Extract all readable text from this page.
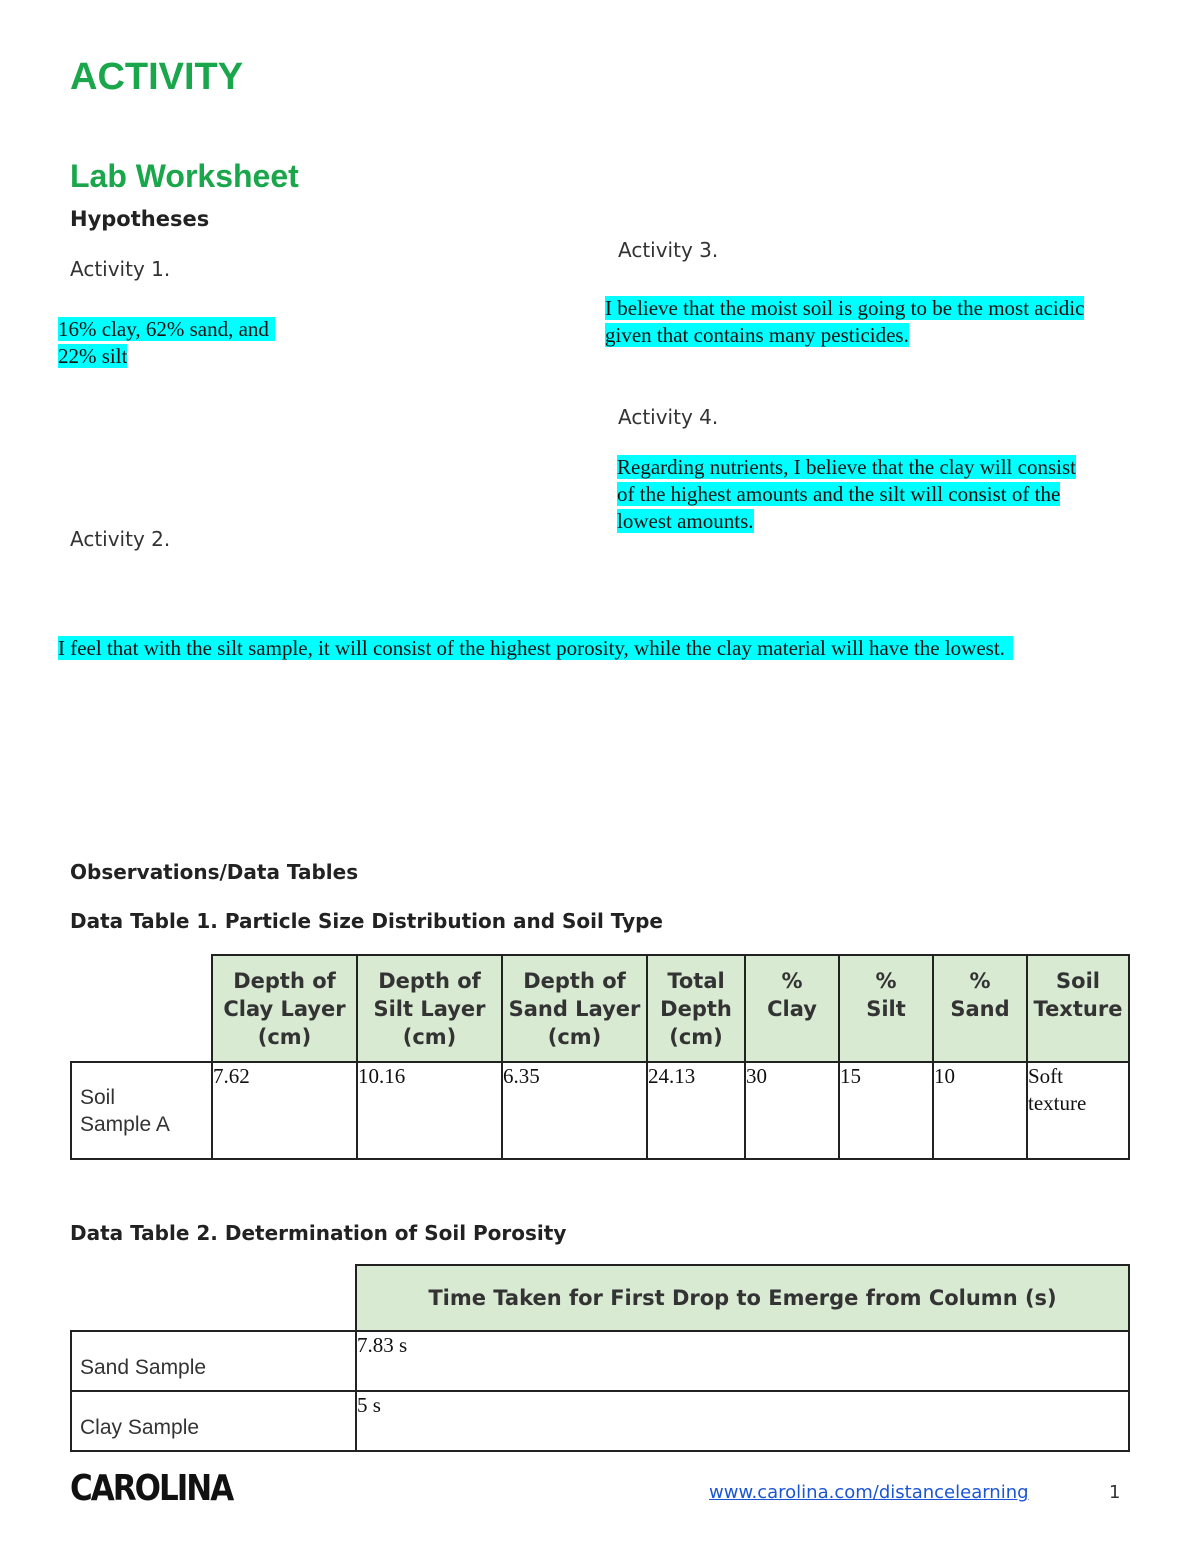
ACTIVITY
Lab Worksheet
Hypotheses
Activity 1.
16% clay, 62% sand, and
22% silt
Activity 2.
I feel that with the silt sample, it will consist of the highest porosity, while the clay material will have the lowest.
Activity 3.
I believe that the moist soil is going to be the most acidic
given that contains many pesticides.
Activity 4.
Regarding nutrients, I believe that the clay will consist
of the highest amounts and the silt will consist of the
lowest amounts.
Observations/Data Tables
Data Table 1. Particle Size Distribution and Soil Type
	Depth of
Clay Layer
(cm)	Depth of
Silt Layer
(cm)	Depth of
Sand Layer
(cm)	Total
Depth
(cm)	%
Clay	%
Silt	%
Sand	Soil
Texture

Soil
Sample A	7.62	10.16	6.35	24.13	30	15	10	Soft
texture
Data Table 2. Determination of Soil Porosity
	Time Taken for First Drop to Emerge from Column (s)
Sand Sample	7.83 s
Clay Sample	5 s
CAROLINA	www.carolina.com/distancelearning	1
